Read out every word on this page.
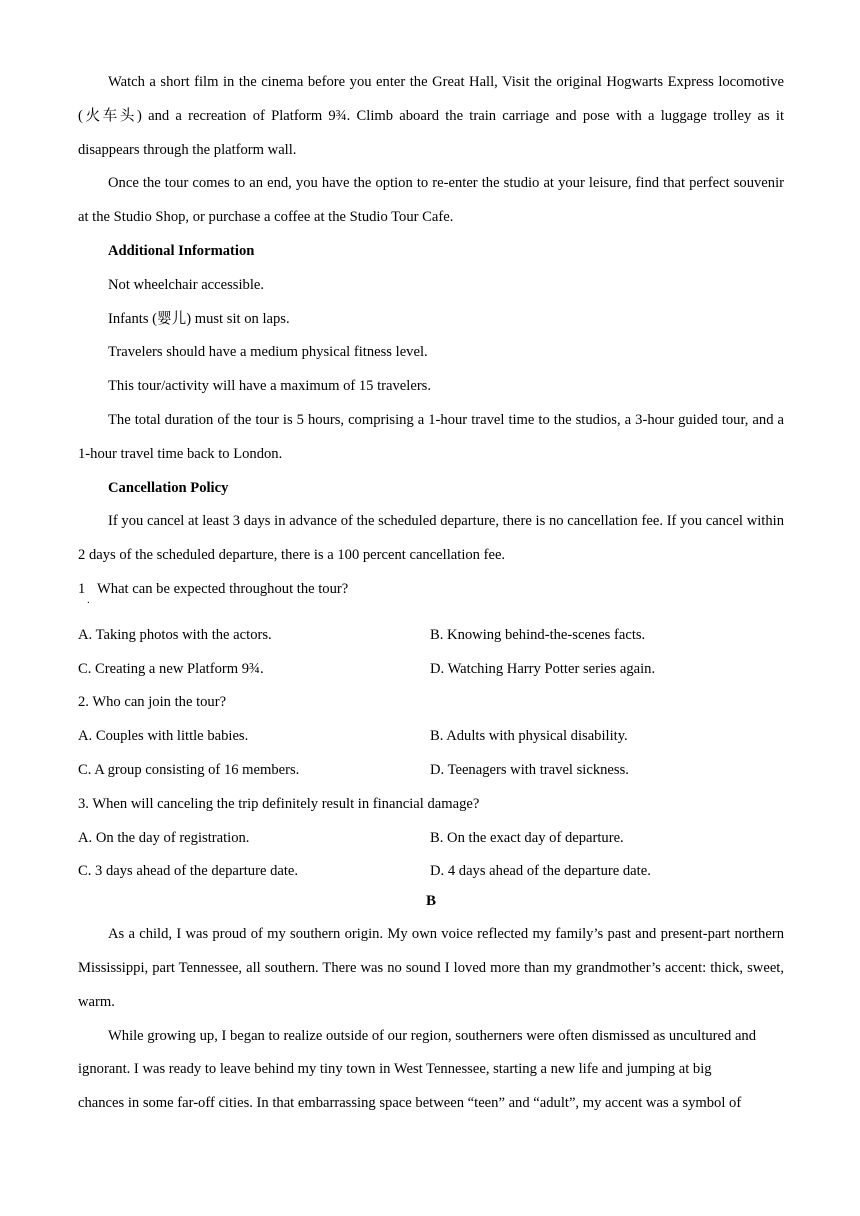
Watch a short film in the cinema before you enter the Great Hall, Visit the original Hogwarts Express locomotive (火车头) and a recreation of Platform 9¾. Climb aboard the train carriage and pose with a luggage trolley as it disappears through the platform wall.

Once the tour comes to an end, you have the option to re-enter the studio at your leisure, find that perfect souvenir at the Studio Shop, or purchase a coffee at the Studio Tour Cafe.

Additional Information

Not wheelchair accessible.

Infants (婴儿) must sit on laps.

Travelers should have a medium physical fitness level.

This tour/activity will have a maximum of 15 travelers.

The total duration of the tour is 5 hours, comprising a 1-hour travel time to the studios, a 3-hour guided tour, and a 1-hour travel time back to London.

Cancellation Policy

If you cancel at least 3 days in advance of the scheduled departure, there is no cancellation fee. If you cancel within 2 days of the scheduled departure, there is a 100 percent cancellation fee.

1 What can be expected throughout the tour?
.
A. Taking photos with the actors.	B. Knowing behind-the-scenes facts.
C. Creating a new Platform 9¾.	D. Watching Harry Potter series again.

2. Who can join the tour?

A. Couples with little babies.	B. Adults with physical disability.
C. A group consisting of 16 members.	D. Teenagers with travel sickness.

3. When will canceling the trip definitely result in financial damage?

A. On the day of registration.	B. On the exact day of departure.
C. 3 days ahead of the departure date.	D. 4 days ahead of the departure date.

B

As a child, I was proud of my southern origin. My own voice reflected my family’s past and present-part northern Mississippi, part Tennessee, all southern. There was no sound I loved more than my grandmother’s accent: thick, sweet, warm.

While growing up, I began to realize outside of our region, southerners were often dismissed as uncultured and

ignorant. I was ready to leave behind my tiny town in West Tennessee, starting a new life and jumping at big

chances in some far-off cities. In that embarrassing space between “teen” and “adult”, my accent was a symbol of
